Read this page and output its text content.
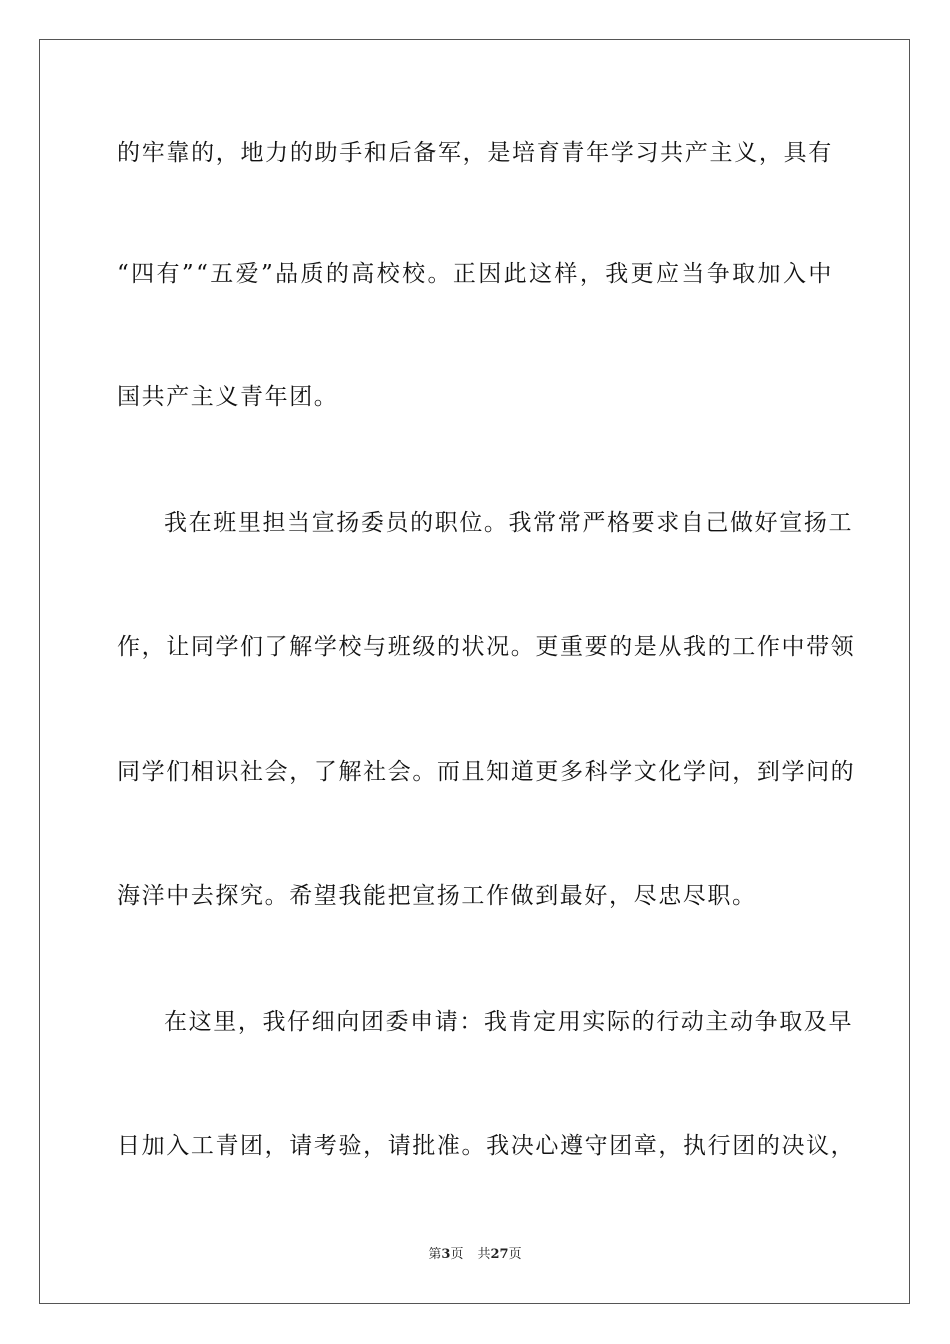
的 牢 靠 的 ， 地 力 的 助 手 和 后 备 军 ， 是 培 育 青 年 学 习 共 产 主 义 ， 具 有
“ 四 有 ” “ 五 爱 ” 品 质 的 高 校 校 。 正 因 此 这 样 ， 我 更 应 当 争 取 加 入 中
国共产主义青年团。
我 在 班 里 担 当 宣 扬 委 员 的 职 位 。 我 常 常 严 格 要 求 自 己 做 好 宣 扬 工
作 ， 让 同 学 们 了 解 学 校 与 班 级 的 状 况 。 更 重 要 的 是 从 我 的 工 作 中 带 领
同 学 们 相 识 社 会 ， 了 解 社 会 。 而 且 知 道 更 多 科 学 文 化 学 问 ， 到 学 问 的
海洋中去探究。希望我能把宣扬工作做到最好，尽忠尽职。
在 这 里 ， 我 仔 细 向 团 委 申 请 ： 我 肯 定 用 实 际 的 行 动 主 动 争 取 及 早
日 加 入 工 青 团 ， 请 考 验 ， 请 批 准 。 我 决 心 遵 守 团 章 ， 执 行 团 的 决 议 ，
第3页 共27页
